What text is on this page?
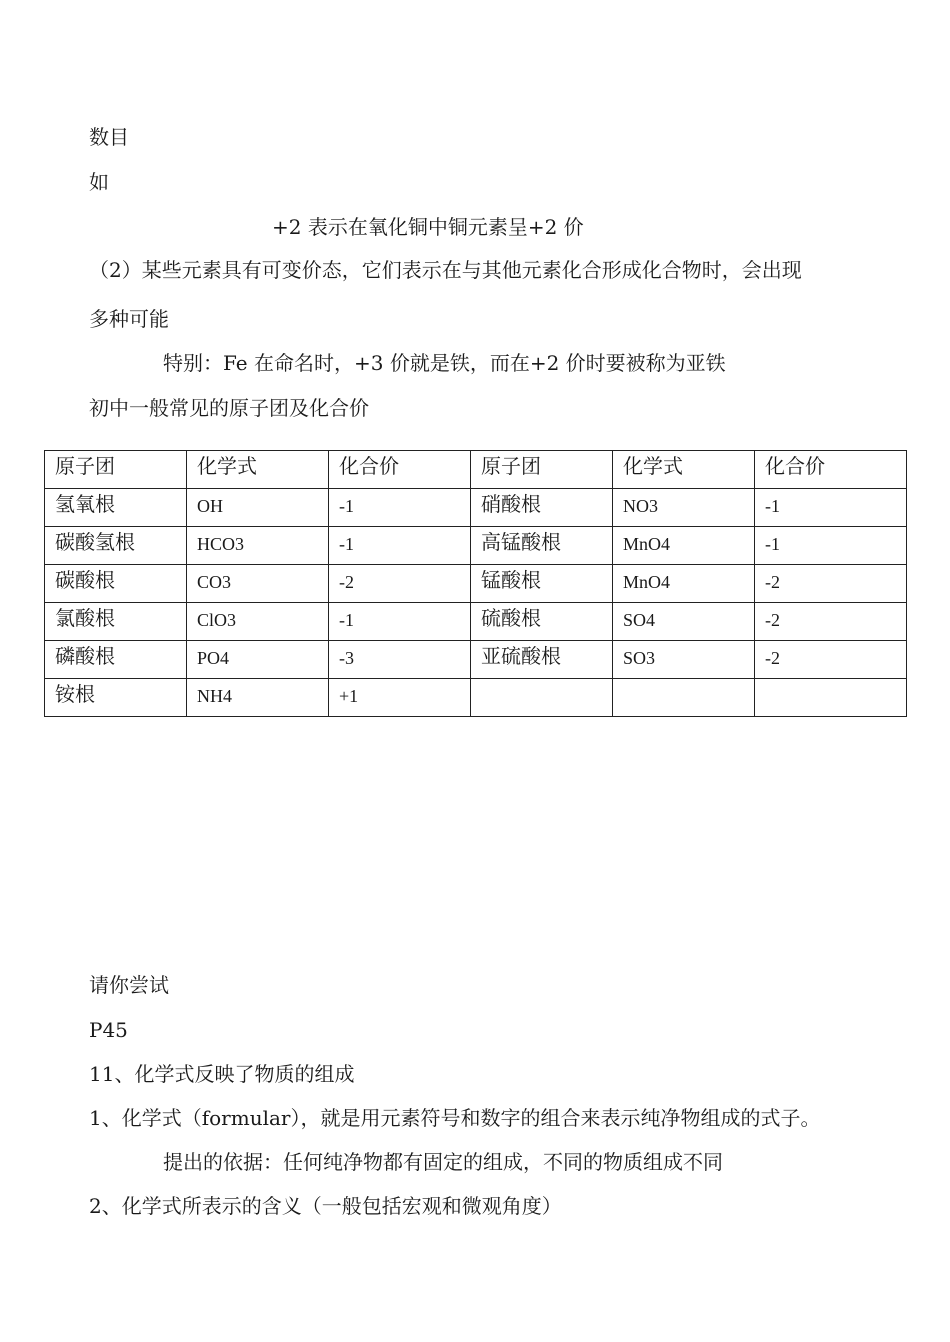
数目
如
+2 表示在氧化铜中铜元素呈+2 价
（2）某些元素具有可变价态，它们表示在与其他元素化合形成化合物时，会出现
多种可能
特别：Fe 在命名时，+3 价就是铁，而在+2 价时要被称为亚铁
初中一般常见的原子团及化合价
原子团	化学式	化合价	原子团	化学式	化合价
氢氧根	OH	-1	硝酸根	NO3	-1
碳酸氢根	HCO3	-1	高锰酸根	MnO4	-1
碳酸根	CO3	-2	锰酸根	MnO4	-2
氯酸根	ClO3	-1	硫酸根	SO4	-2
磷酸根	PO4	-3	亚硫酸根	SO3	-2
铵根	NH4	+1			
请你尝试
P45
11、化学式反映了物质的组成
1、化学式（formular），就是用元素符号和数字的组合来表示纯净物组成的式子。
提出的依据：任何纯净物都有固定的组成，不同的物质组成不同
2、化学式所表示的含义（一般包括宏观和微观角度）
